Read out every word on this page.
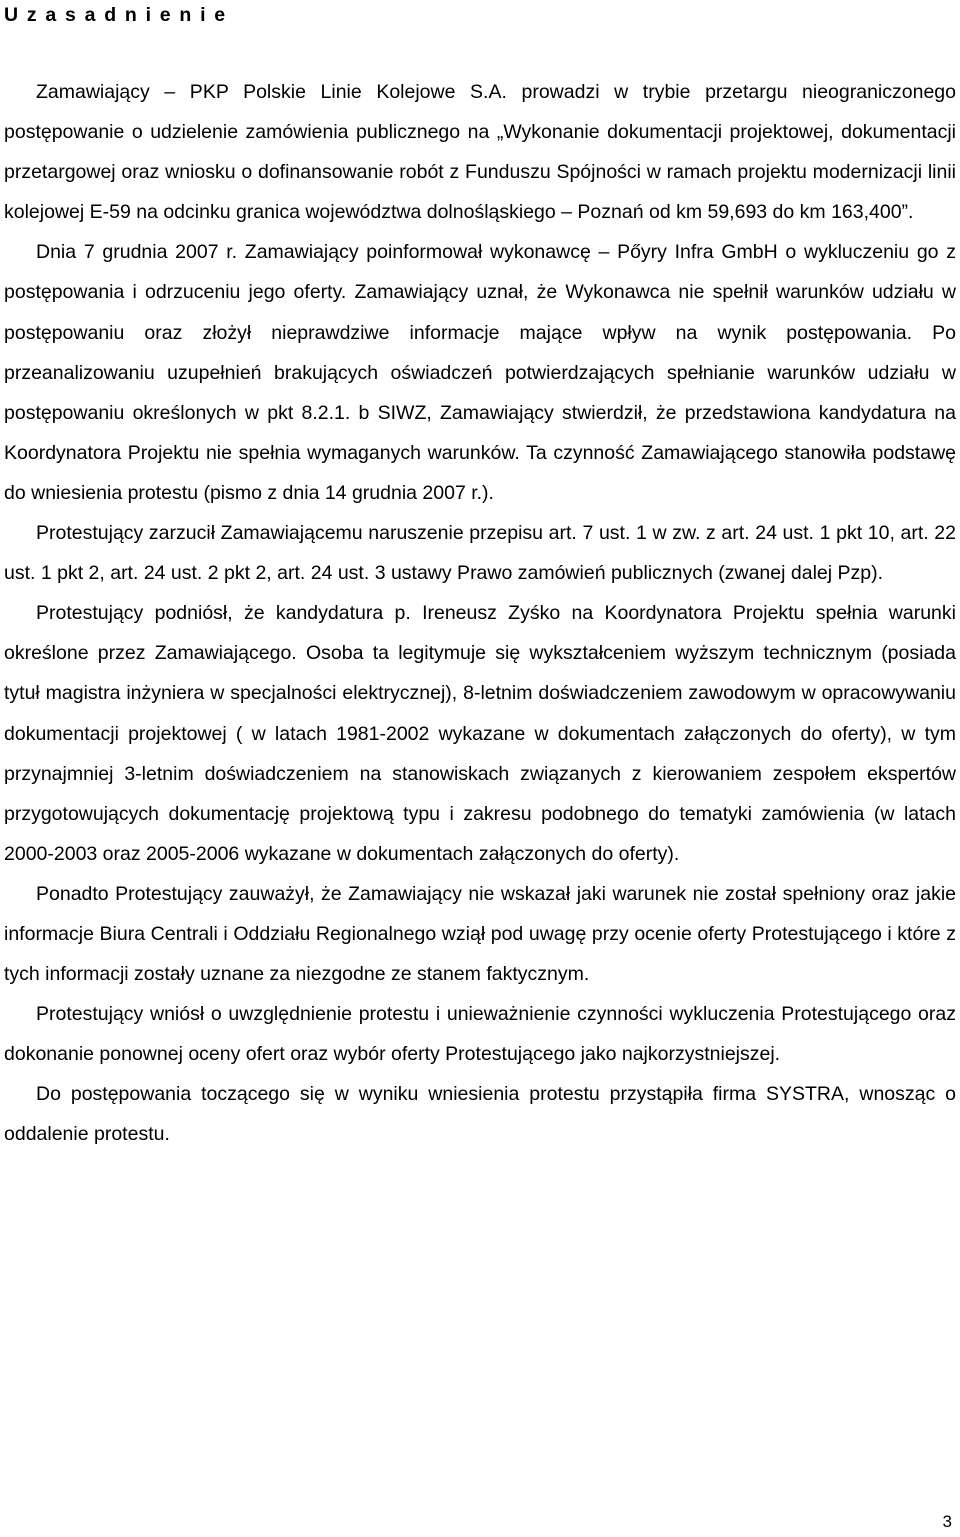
Uzasadnienie

Zamawiający – PKP Polskie Linie Kolejowe S.A. prowadzi w trybie przetargu nieograniczonego postępowanie o udzielenie zamówienia publicznego na „Wykonanie dokumentacji projektowej, dokumentacji przetargowej oraz wniosku o dofinansowanie robót z Funduszu Spójności w ramach projektu modernizacji linii kolejowej E-59 na odcinku granica województwa dolnośląskiego – Poznań od km 59,693 do km 163,400”.

Dnia 7 grudnia 2007 r. Zamawiający poinformował wykonawcę – Pőyry Infra GmbH o wykluczeniu go z postępowania i odrzuceniu jego oferty. Zamawiający uznał, że Wykonawca nie spełnił warunków udziału w postępowaniu oraz złożył nieprawdziwe informacje mające wpływ na wynik postępowania. Po przeanalizowaniu uzupełnień brakujących oświadczeń potwierdzających spełnianie warunków udziału w postępowaniu określonych w pkt 8.2.1. b SIWZ, Zamawiający stwierdził, że przedstawiona kandydatura na Koordynatora Projektu nie spełnia wymaganych warunków. Ta czynność Zamawiającego stanowiła podstawę do wniesienia protestu (pismo z dnia 14 grudnia 2007 r.).

Protestujący zarzucił Zamawiającemu naruszenie przepisu art. 7 ust. 1 w zw. z art. 24 ust. 1 pkt 10, art. 22 ust. 1 pkt 2, art. 24 ust. 2 pkt 2, art. 24 ust. 3 ustawy Prawo zamówień publicznych (zwanej dalej Pzp).

Protestujący podniósł, że kandydatura p. Ireneusz Zyśko na Koordynatora Projektu spełnia warunki określone przez Zamawiającego. Osoba ta legitymuje się wykształceniem wyższym technicznym (posiada tytuł magistra inżyniera w specjalności elektrycznej), 8-letnim doświadczeniem zawodowym w opracowywaniu dokumentacji projektowej ( w latach 1981-2002 wykazane w dokumentach załączonych do oferty), w tym przynajmniej 3-letnim doświadczeniem na stanowiskach związanych z kierowaniem zespołem ekspertów przygotowujących dokumentację projektową typu i zakresu podobnego do tematyki zamówienia (w latach 2000-2003 oraz 2005-2006 wykazane w dokumentach załączonych do oferty).

Ponadto Protestujący zauważył, że Zamawiający nie wskazał jaki warunek nie został spełniony oraz jakie informacje Biura Centrali i Oddziału Regionalnego wziął pod uwagę przy ocenie oferty Protestującego i które z tych informacji zostały uznane za niezgodne ze stanem faktycznym.

Protestujący wniósł o uwzględnienie protestu i unieważnienie czynności wykluczenia Protestującego oraz dokonanie ponownej oceny ofert oraz wybór oferty Protestującego jako najkorzystniejszej.

Do postępowania toczącego się w wyniku wniesienia protestu przystąpiła firma SYSTRA, wnosząc o oddalenie protestu.

3
